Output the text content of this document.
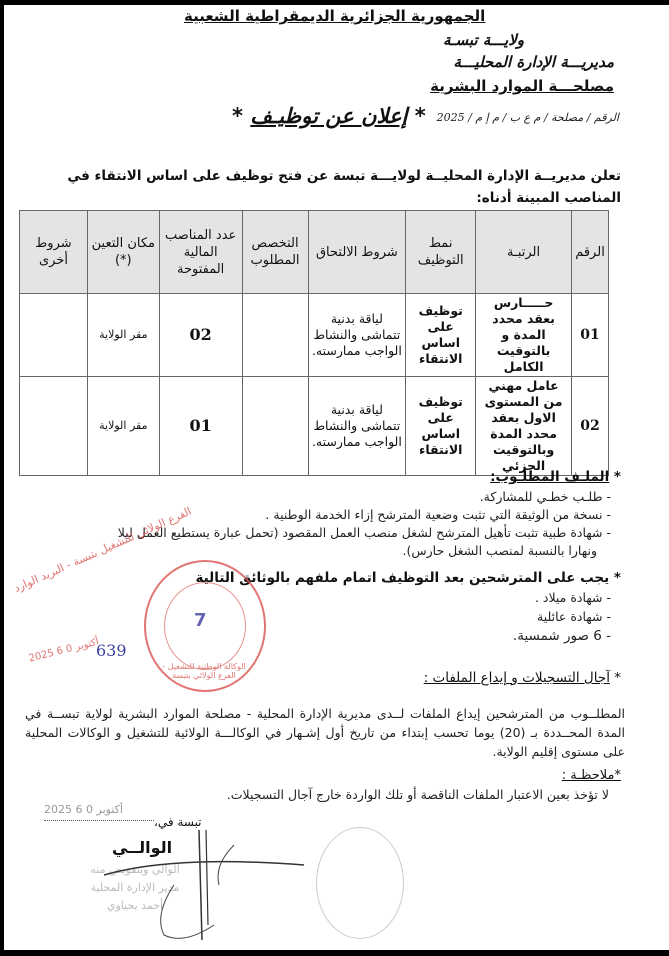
الجمهورية الجزائرية الديمقراطية الشعبية
ولايـــة تبسـة
مديريـــة الإدارة المحليـــة
مصلحـــة الموارد البشرية
الرقم / مصلحة / م ع ب / م إ م / 2025
* إعلان عن توظيـف *
تعلن مديريــة الإدارة المحليــة لولايـــة تبسة عن فتح توظيف على اساس الانتقاء في المناصب المبينة أدناه:
الرقم	الرتبـة	نمط التوظيف	شروط الالتحاق	التخصص المطلوب	عدد المناصب المالية المفتوحة	مكان التعين (*)	شروط أخرى
01	حـــــارس بعقد محدد المدة و بالتوقيت الكامل	توظيف على اساس الانتقاء	لياقة بدنية تتماشى والنشاط الواجب ممارسته.		02	مقر الولاية	
02	عامل مهني من المستوى الاول بعقد محدد المدة وبالتوقيت الجزئي	توظيف على اساس الانتقاء	لياقة بدنية تتماشى والنشاط الواجب ممارسته.		01	مقر الولاية	
* الملـف المطلـوب:
- طلـب خطـي للمشاركة.
- نسخة من الوثيقة التي تثبت وضعية المترشح إزاء الخدمة الوطنية .
- شهادة طبية تثبت تأهيل المترشح لشغل منصب العمل المقصود (تحمل عبارة يستطيع العمل ليلا
ونهارا بالنسبة لمنصب الشغل حارس).
* يجب على المترشحين بعد التوظيف اتمام ملفهم بالوثائق التالية
- شهادة ميلاد .
- شهادة عائلية
- 6 صور شمسية.
* آجال التسجيلات و إيداع الملفات :
المطلــوب من المترشحين إيداع الملفات لــدى مديرية الإدارة المحلية - مصلحة الموارد البشرية لولاية تبســة في المدة المحــددة بـ (20) يوما تحسب إبتداء من تاريخ أول إشـهار في الوكالـــة الولائية للتشغيل و الوكالات المحلية على مستوى إقليم الولاية.
*ملاحظـة :
لا تؤخذ بعين الاعتبار الملفات الناقصة أو تلك الواردة خارج آجال التسجيلات.
الفرع الولائي للتشغيل بتبسة - البريد الوارد
2025 أكتوبر 0 6
639
7
الوكالة الوطنية للتشغيل - الفرع الولائي بتبسة
2025 أكتوبر 0 6
تبسة في،
الوالــي
الوالي وبتفويض منه مدير الإدارة المحلية
أحمد يحياوي
